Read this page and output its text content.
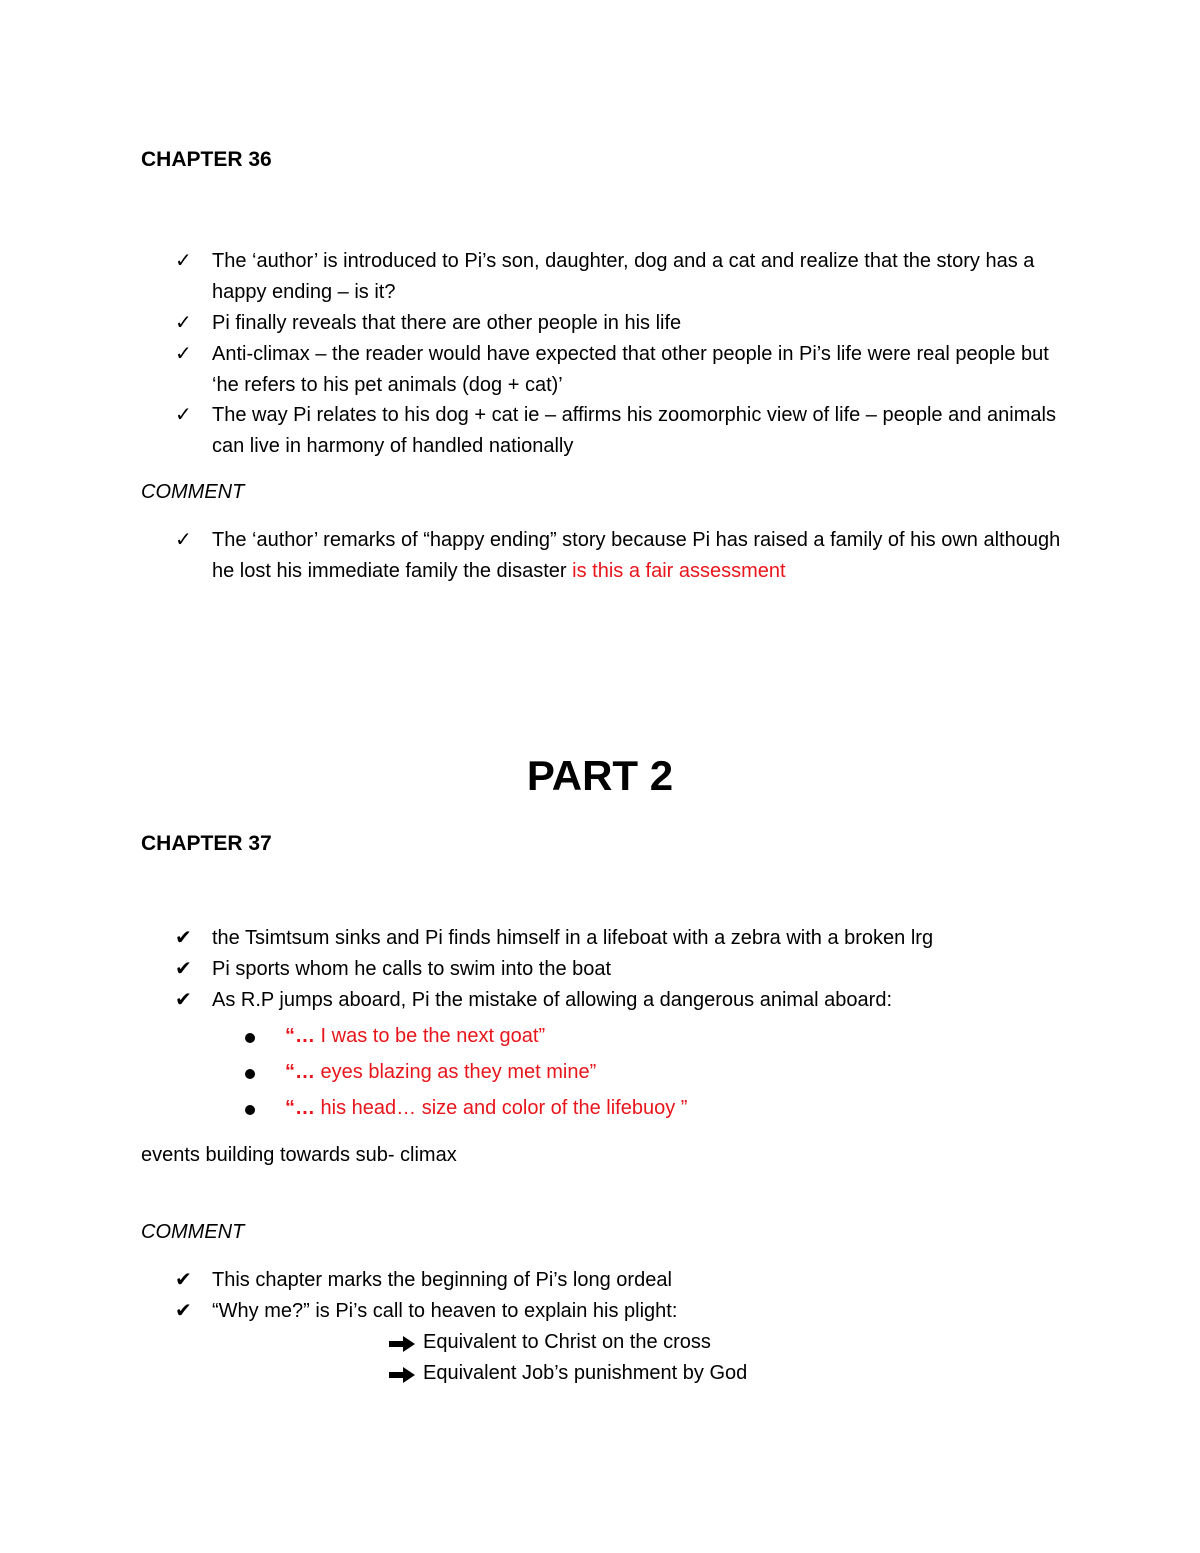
CHAPTER 36
✓	The ‘author’ is introduced to Pi’s son, daughter, dog and a cat and realize that the story has a happy ending – is it?
✓	Pi finally reveals that there are other people in his life
✓	Anti-climax – the reader would have expected that other people in Pi’s life were real people but ‘he refers to his pet animals (dog + cat)’
✓	The way Pi relates to his dog + cat ie – affirms his zoomorphic view of life – people and animals can live in harmony of handled nationally
COMMENT
✓	The ‘author’ remarks of “happy ending” story because Pi has raised a family of his own although he lost his immediate family the disaster is this a fair assessment
PART 2
CHAPTER 37
✔	the Tsimtsum sinks and Pi finds himself in a lifeboat with a zebra with a broken lrg
✔	Pi sports whom he calls to swim into the boat
✔	As R.P jumps aboard, Pi the mistake of allowing a dangerous animal aboard:
“… I was to be the next goat”
“… eyes blazing as they met mine”
“… his head… size and color of the lifebuoy ”
events building towards sub- climax
COMMENT
✔	This chapter marks the beginning of Pi’s long ordeal
✔	“Why me?” is Pi’s call to heaven to explain his plight:
Equivalent to Christ on the cross
Equivalent Job’s punishment by God
